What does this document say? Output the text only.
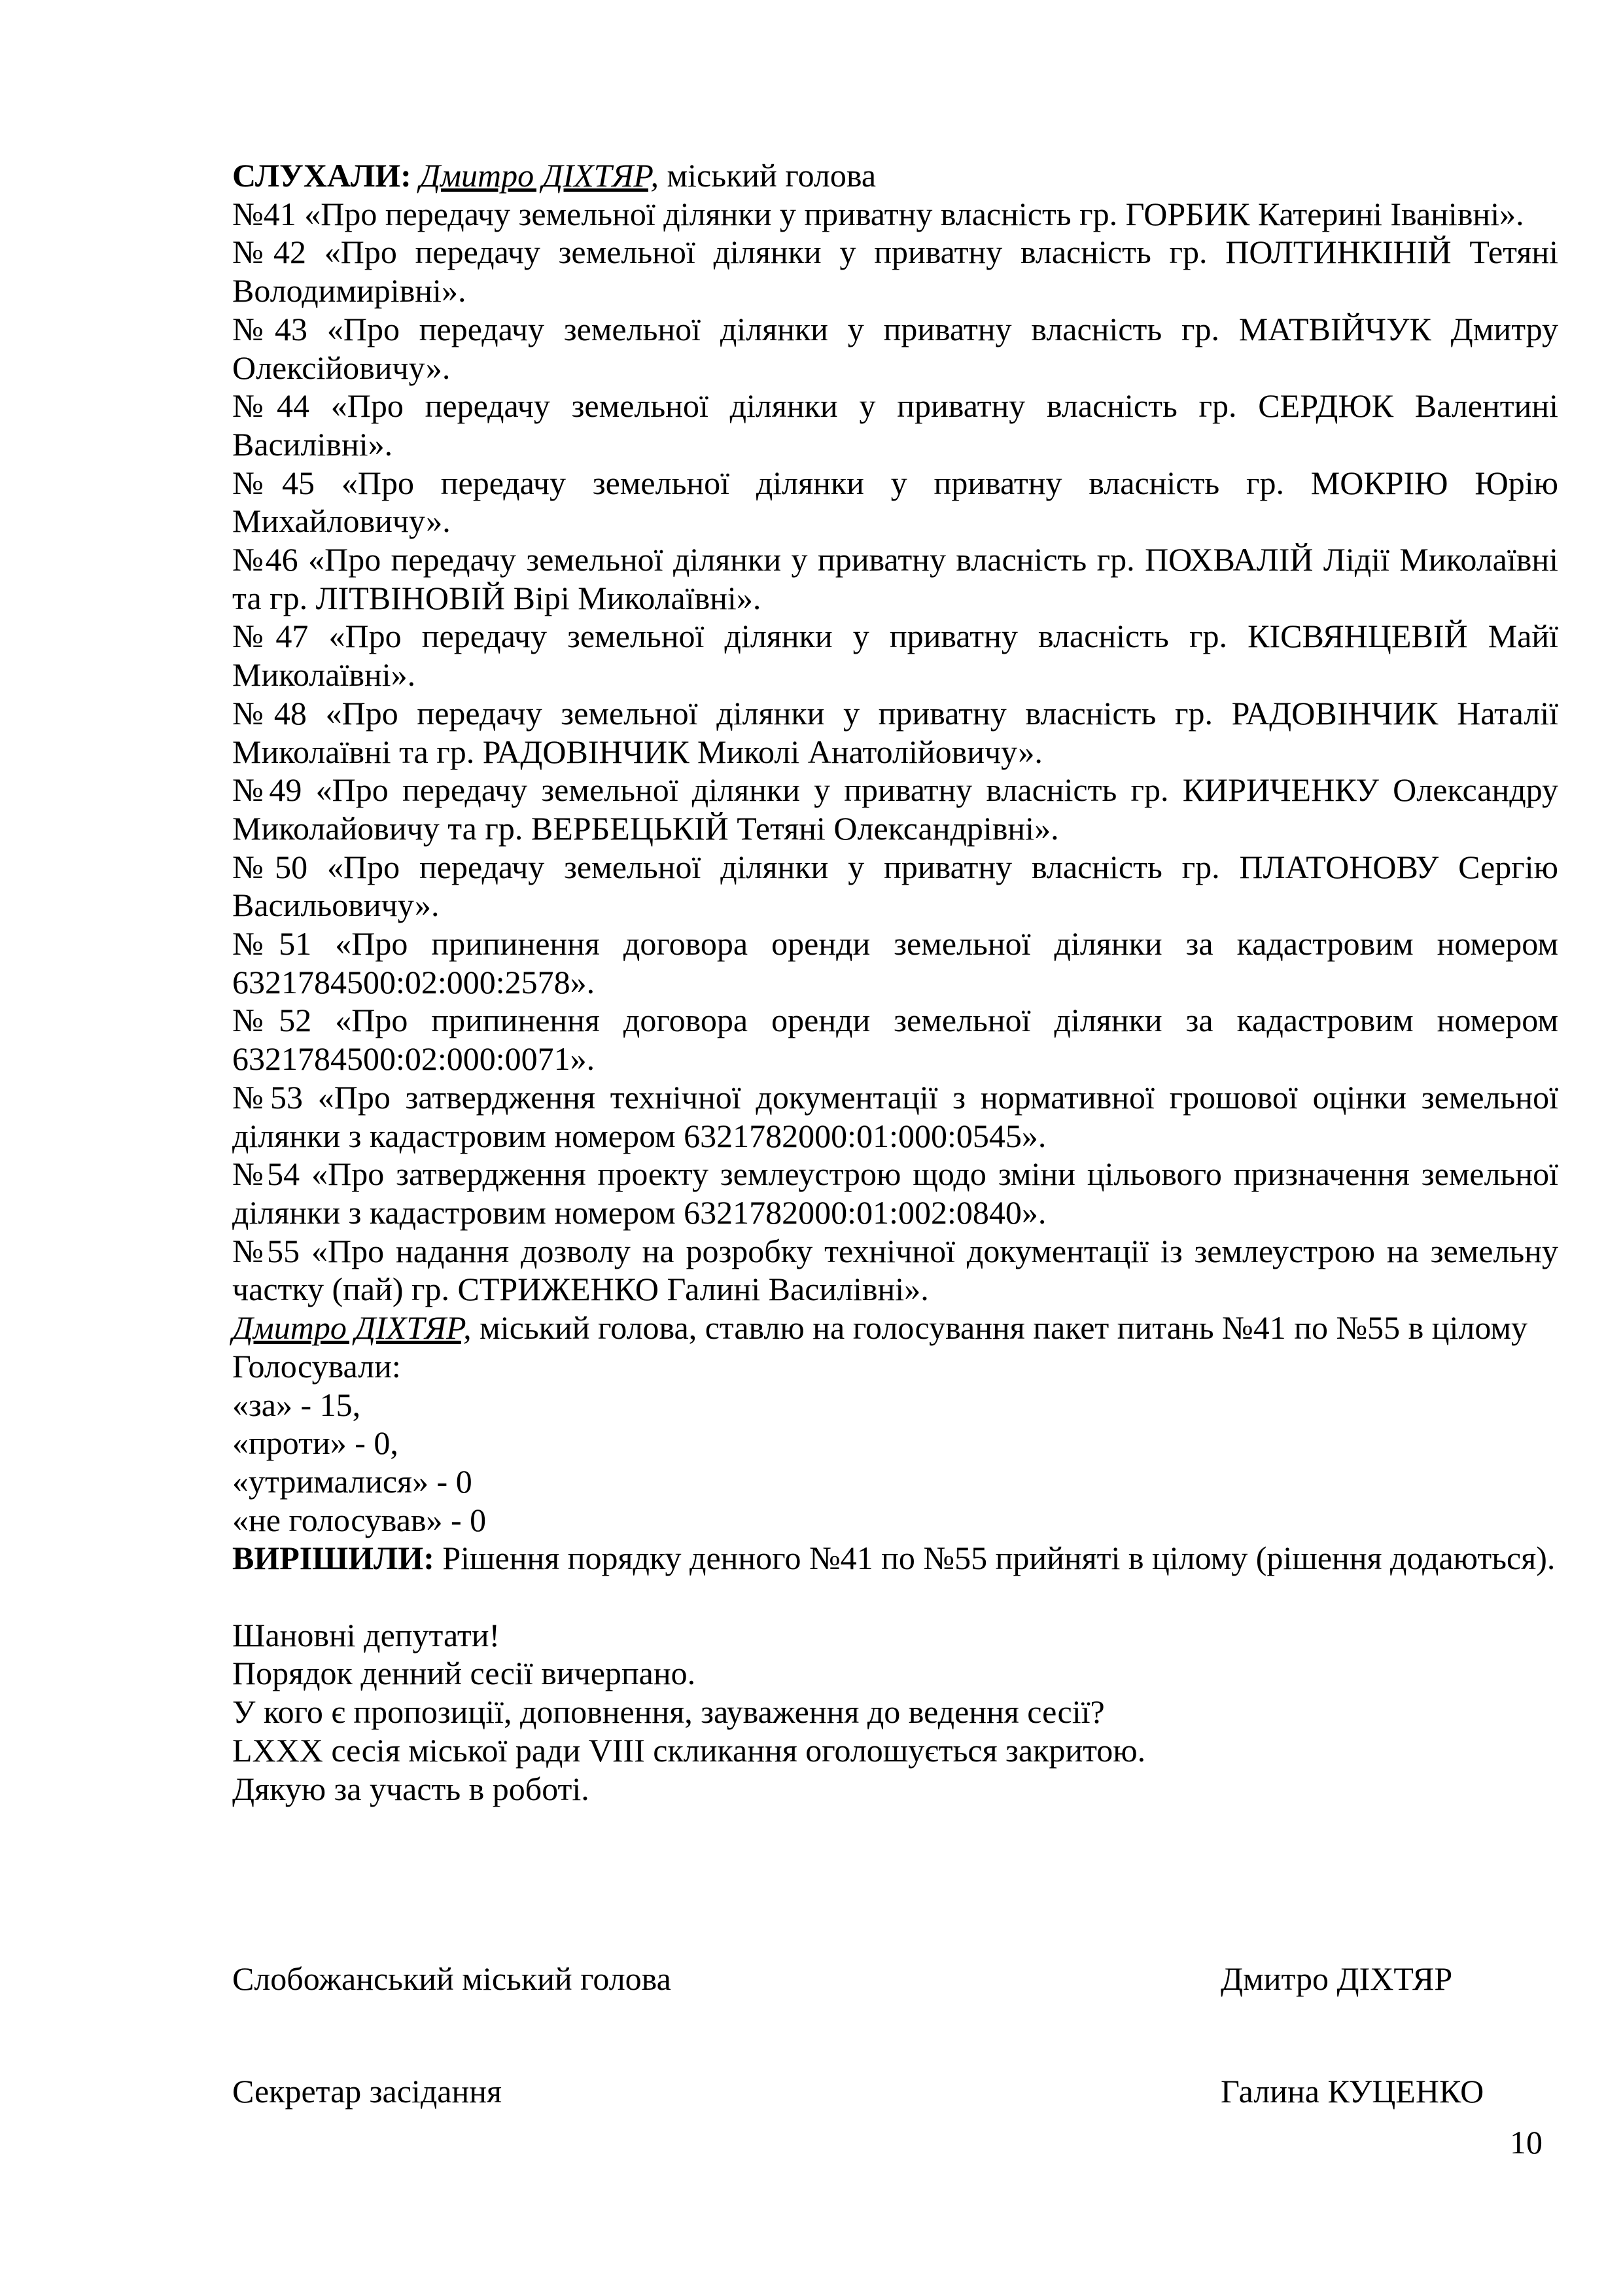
СЛУХАЛИ: Дмитро ДІХТЯР, міський голова

№41 «Про передачу земельної ділянки у приватну власність гр. ГОРБИК Катерині Іванівні».

№42 «Про передачу земельної ділянки у приватну власність гр. ПОЛТИНКІНІЙ Тетяні Володимирівні».

№43 «Про передачу земельної ділянки у приватну власність гр. МАТВІЙЧУК Дмитру Олексійовичу».

№44 «Про передачу земельної ділянки у приватну власність гр. СЕРДЮК Валентині Василівні».

№45 «Про передачу земельної ділянки у приватну власність гр. МОКРІЮ Юрію Михайловичу».

№46 «Про передачу земельної ділянки у приватну власність гр. ПОХВАЛІЙ Лідії Миколаївні та гр. ЛІТВІНОВІЙ Вірі Миколаївні».

№47 «Про передачу земельної ділянки у приватну власність гр. КІСВЯНЦЕВІЙ Майї Миколаївні».

№48 «Про передачу земельної ділянки у приватну власність гр. РАДОВІНЧИК Наталії Миколаївні та гр. РАДОВІНЧИК Миколі Анатолійовичу».

№49 «Про передачу земельної ділянки у приватну власність гр. КИРИЧЕНКУ Олександру Миколайовичу та гр. ВЕРБЕЦЬКІЙ Тетяні Олександрівні».

№50 «Про передачу земельної ділянки у приватну власність гр. ПЛАТОНОВУ Сергію Васильовичу».

№51 «Про припинення договора оренди земельної ділянки за кадастровим номером 6321784500:02:000:2578».

№52 «Про припинення договора оренди земельної ділянки за кадастровим номером 6321784500:02:000:0071».

№53 «Про затвердження технічної документації з нормативної грошової оцінки земельної ділянки з кадастровим номером 6321782000:01:000:0545».

№54 «Про затвердження проекту землеустрою щодо зміни цільового призначення земельної ділянки з кадастровим номером 6321782000:01:002:0840».

№55 «Про надання дозволу на розробку технічної документації із землеустрою на земельну частку (пай) гр. СТРИЖЕНКО Галині Василівні».

Дмитро ДІХТЯР, міський голова, ставлю на голосування пакет питань №41 по №55 в цілому

Голосували:

«за» - 15,

«проти» - 0,

«утрималися» - 0

«не голосував» - 0

ВИРІШИЛИ: Рішення порядку денного №41 по №55 прийняті в цілому (рішення додаються).

Шановні депутати!

Порядок денний сесії вичерпано.

У кого є пропозиції, доповнення, зауваження до ведення сесії?

LXXX сесія міської ради VIII скликання оголошується закритою.

Дякую за участь в роботі.

Слобожанський міський голова	Дмитро ДІХТЯР
Секретар засідання	Галина КУЦЕНКО
10
